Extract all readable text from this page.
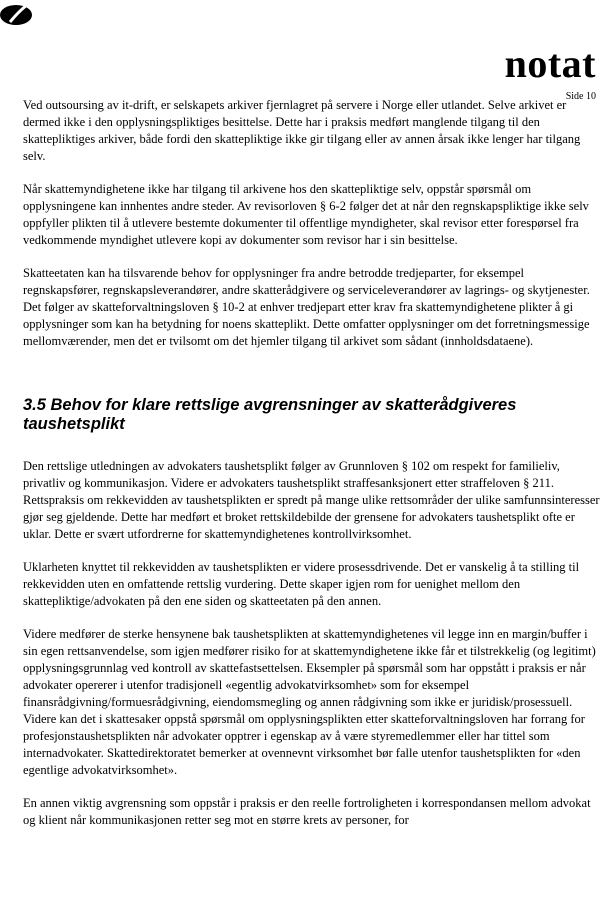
notat
Side 10

Ved outsoursing av it-drift, er selskapets arkiver fjernlagret på servere i Norge eller utlandet. Selve arkivet er dermed ikke i den opplysningspliktiges besittelse. Dette har i praksis medført manglende tilgang til den skattepliktiges arkiver, både fordi den skattepliktige ikke gir tilgang eller av annen årsak ikke lenger har tilgang selv.

Når skattemyndighetene ikke har tilgang til arkivene hos den skattepliktige selv, oppstår spørsmål om opplysningene kan innhentes andre steder. Av revisorloven § 6-2 følger det at når den regnskapspliktige ikke selv oppfyller plikten til å utlevere bestemte dokumenter til offentlige myndigheter, skal revisor etter forespørsel fra vedkommende myndighet utlevere kopi av dokumenter som revisor har i sin besittelse.

Skatteetaten kan ha tilsvarende behov for opplysninger fra andre betrodde tredjeparter, for eksempel regnskapsfører, regnskapsleverandører, andre skatterådgivere og serviceleverandører av lagrings- og skytjenester. Det følger av skatteforvaltningsloven § 10-2 at enhver tredjepart etter krav fra skattemyndighetene plikter å gi opplysninger som kan ha betydning for noens skatteplikt. Dette omfatter opplysninger om det forretningsmessige mellomværender, men det er tvilsomt om det hjemler tilgang til arkivet som sådant (innholdsdataene).

3.5 Behov for klare rettslige avgrensninger av skatterådgiveres taushetsplikt

Den rettslige utledningen av advokaters taushetsplikt følger av Grunnloven § 102 om respekt for familieliv, privatliv og kommunikasjon. Videre er advokaters taushetsplikt straffesanksjonert etter straffeloven § 211. Rettspraksis om rekkevidden av taushetsplikten er spredt på mange ulike rettsområder der ulike samfunnsinteresser gjør seg gjeldende. Dette har medført et broket rettskildebilde der grensene for advokaters taushetsplikt ofte er uklar. Dette er svært utfordrerne for skattemyndighetenes kontrollvirksomhet.

Uklarheten knyttet til rekkevidden av taushetsplikten er videre prosessdrivende. Det er vanskelig å ta stilling til rekkevidden uten en omfattende rettslig vurdering. Dette skaper igjen rom for uenighet mellom den skattepliktige/advokaten på den ene siden og skatteetaten på den annen.

Videre medfører de sterke hensynene bak taushetsplikten at skattemyndighetenes vil legge inn en margin/buffer i sin egen rettsanvendelse, som igjen medfører risiko for at skattemyndighetene ikke får et tilstrekkelig (og legitimt) opplysningsgrunnlag ved kontroll av skattefastsettelsen. Eksempler på spørsmål som har oppstått i praksis er når advokater opererer i utenfor tradisjonell «egentlig advokatvirksomhet» som for eksempel finansrådgivning/formuesrådgivning, eiendomsmegling og annen rådgivning som ikke er juridisk/prosessuell. Videre kan det i skattesaker oppstå spørsmål om opplysningsplikten etter skatteforvaltningsloven har forrang for profesjonstaushetsplikten når advokater opptrer i egenskap av å være styremedlemmer eller har tittel som internadvokater. Skattedirektoratet bemerker at ovennevnt virksomhet bør falle utenfor taushetsplikten for «den egentlige advokatvirksomhet».

En annen viktig avgrensning som oppstår i praksis er den reelle fortroligheten i korrespondansen mellom advokat og klient når kommunikasjonen retter seg mot en større krets av personer, for
